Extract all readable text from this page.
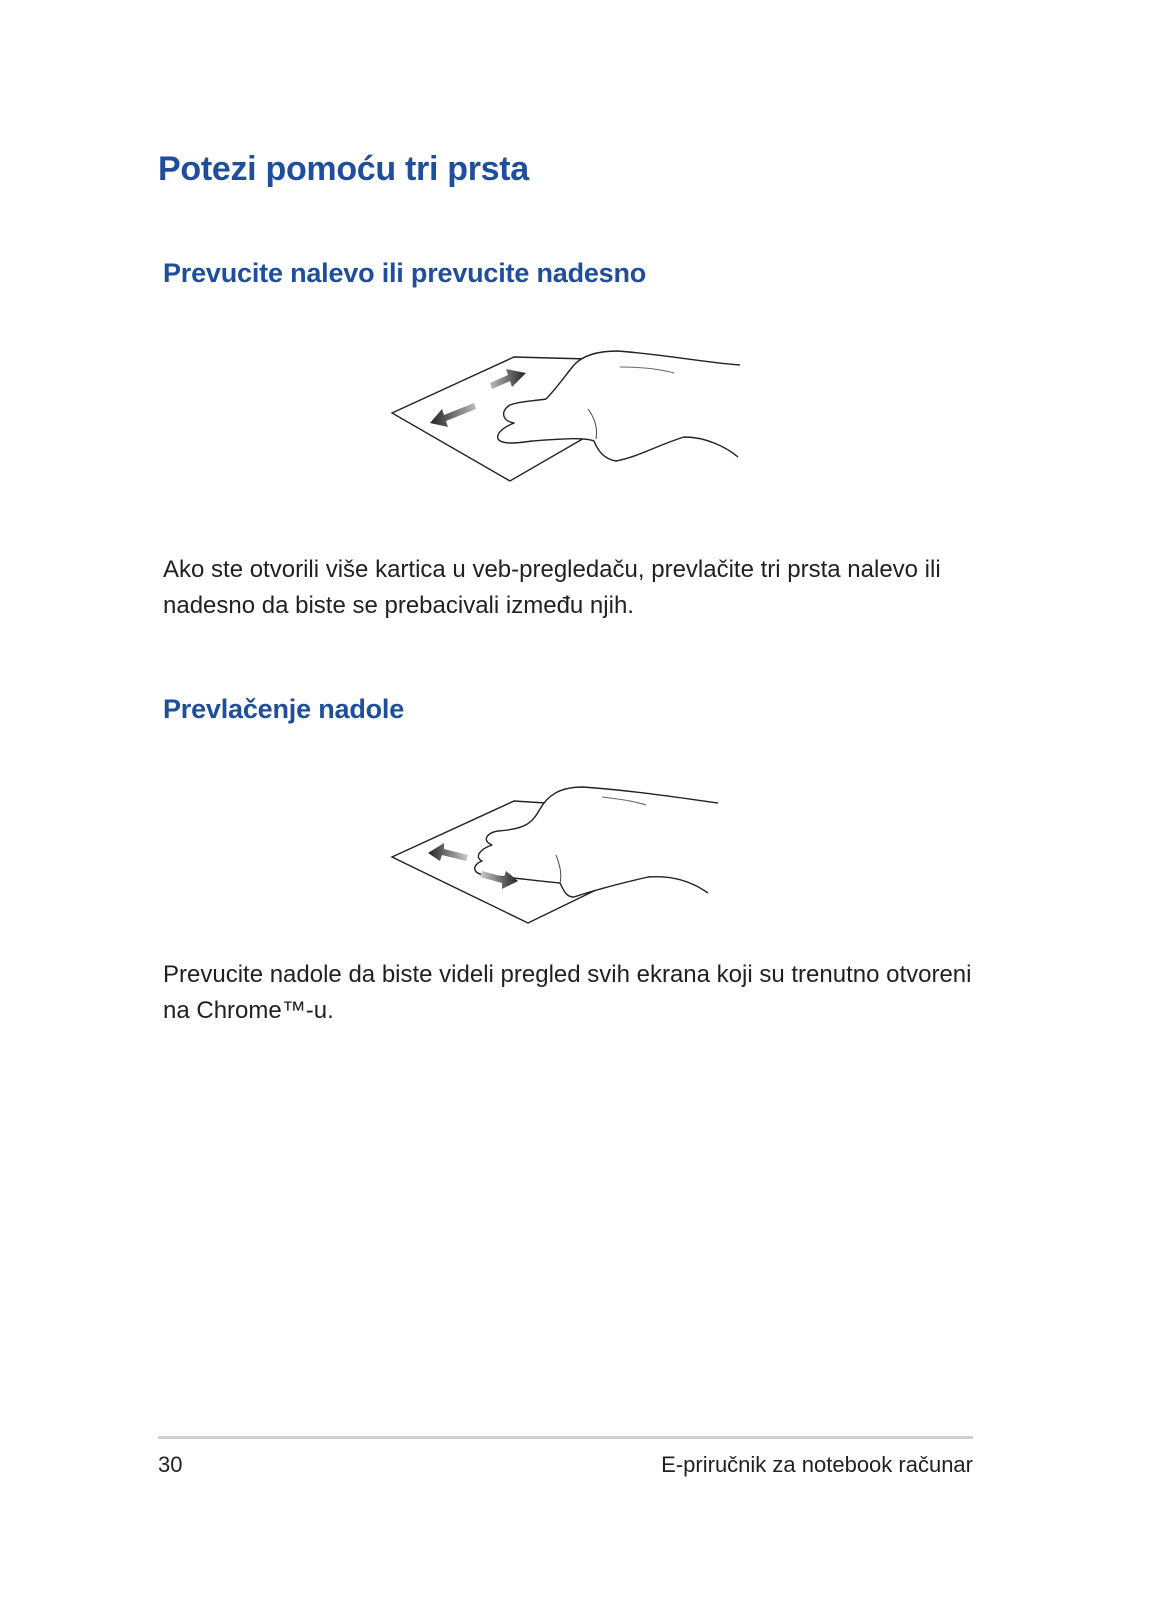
Potezi pomoću tri prsta
Prevucite nalevo ili prevucite nadesno

Ako ste otvorili više kartica u veb-pregledaču, prevlačite tri prsta nalevo ili nadesno da biste se prebacivali između njih.

Prevlačenje nadole

Prevucite nadole da biste videli pregled svih ekrana koji su trenutno otvoreni na Chrome™-u.

30	E-priručnik za notebook računar
